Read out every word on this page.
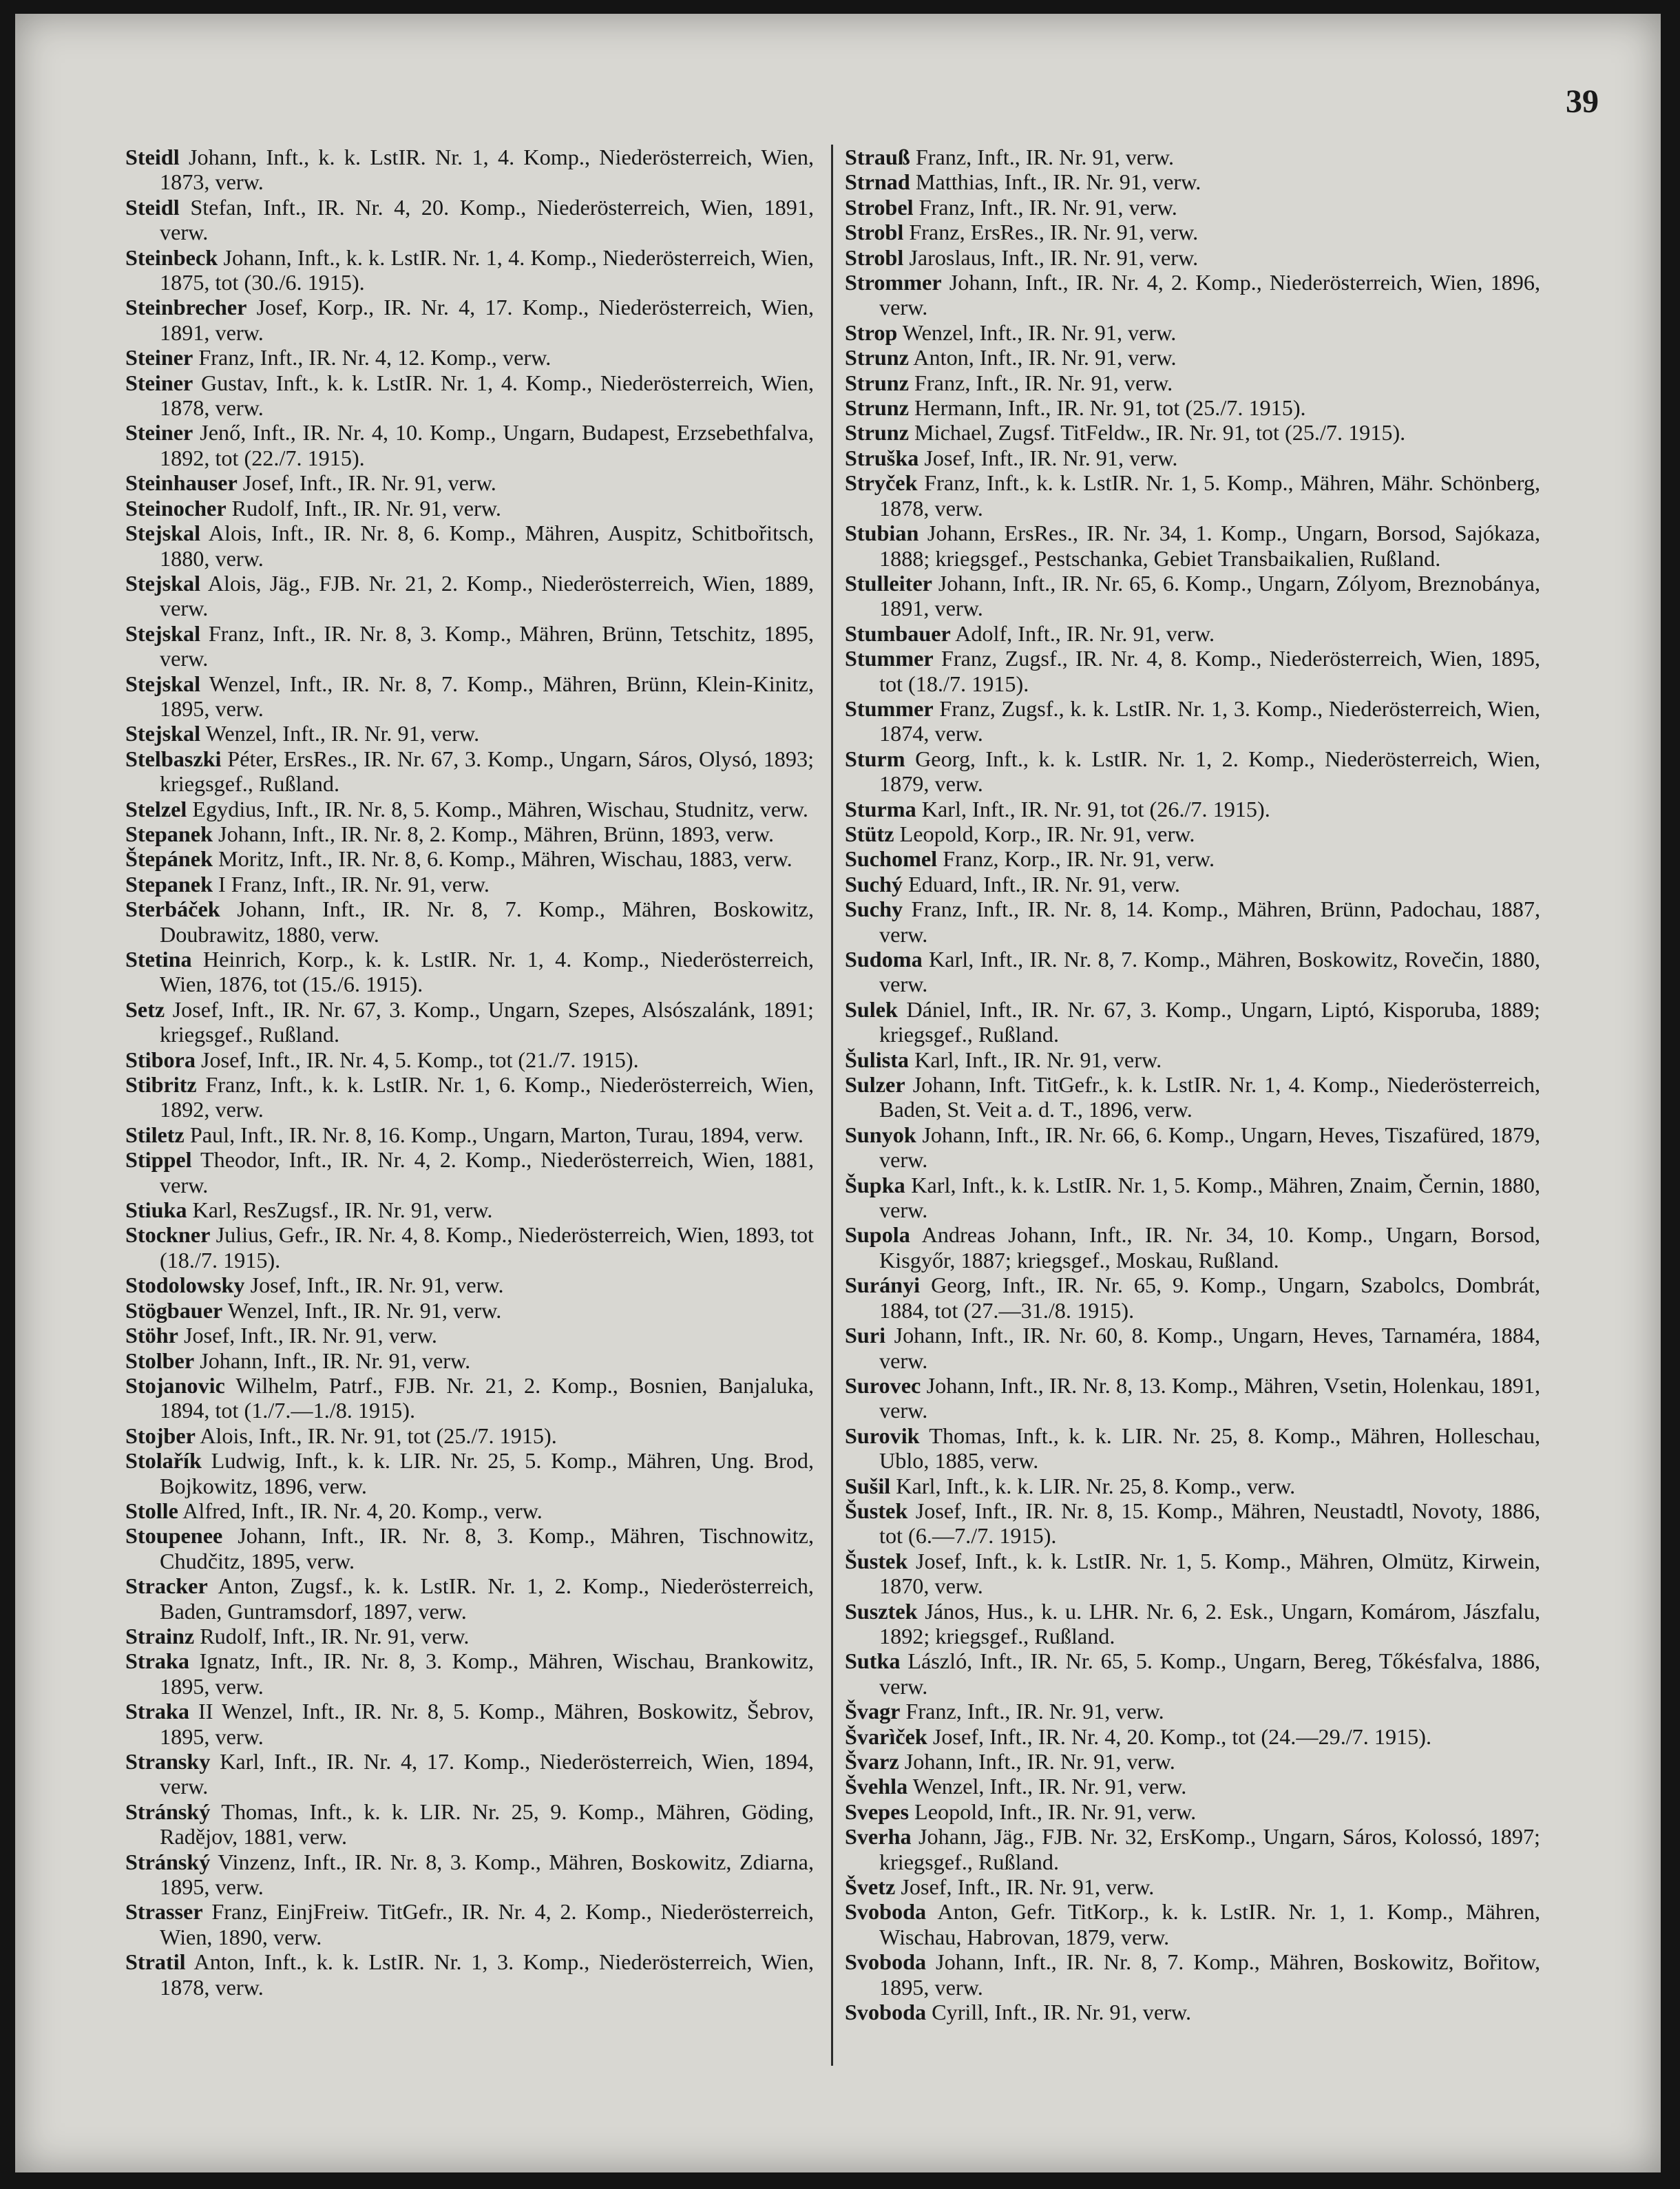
39

Steidl Johann, Inft., k. k. LstIR. Nr. 1, 4. Komp., Niederösterreich, Wien, 1873, verw.

Steidl Stefan, Inft., IR. Nr. 4, 20. Komp., Niederösterreich, Wien, 1891, verw.

Steinbeck Johann, Inft., k. k. LstIR. Nr. 1, 4. Komp., Niederösterreich, Wien, 1875, tot (30./6. 1915).

Steinbrecher Josef, Korp., IR. Nr. 4, 17. Komp., Niederösterreich, Wien, 1891, verw.

Steiner Franz, Inft., IR. Nr. 4, 12. Komp., verw.

Steiner Gustav, Inft., k. k. LstIR. Nr. 1, 4. Komp., Niederösterreich, Wien, 1878, verw.

Steiner Jenő, Inft., IR. Nr. 4, 10. Komp., Ungarn, Budapest, Erzsebethfalva, 1892, tot (22./7. 1915).

Steinhauser Josef, Inft., IR. Nr. 91, verw.

Steinocher Rudolf, Inft., IR. Nr. 91, verw.

Stejskal Alois, Inft., IR. Nr. 8, 6. Komp., Mähren, Auspitz, Schitbořitsch, 1880, verw.

Stejskal Alois, Jäg., FJB. Nr. 21, 2. Komp., Niederösterreich, Wien, 1889, verw.

Stejskal Franz, Inft., IR. Nr. 8, 3. Komp., Mähren, Brünn, Tetschitz, 1895, verw.

Stejskal Wenzel, Inft., IR. Nr. 8, 7. Komp., Mähren, Brünn, Klein-Kinitz, 1895, verw.

Stejskal Wenzel, Inft., IR. Nr. 91, verw.

Stelbaszki Péter, ErsRes., IR. Nr. 67, 3. Komp., Ungarn, Sáros, Olysó, 1893; kriegsgef., Rußland.

Stelzel Egydius, Inft., IR. Nr. 8, 5. Komp., Mähren, Wischau, Studnitz, verw.

Stepanek Johann, Inft., IR. Nr. 8, 2. Komp., Mähren, Brünn, 1893, verw.

Štepánek Moritz, Inft., IR. Nr. 8, 6. Komp., Mähren, Wischau, 1883, verw.

Stepanek I Franz, Inft., IR. Nr. 91, verw.

Sterbáček Johann, Inft., IR. Nr. 8, 7. Komp., Mähren, Boskowitz, Doubrawitz, 1880, verw.

Stetina Heinrich, Korp., k. k. LstIR. Nr. 1, 4. Komp., Niederösterreich, Wien, 1876, tot (15./6. 1915).

Setz Josef, Inft., IR. Nr. 67, 3. Komp., Ungarn, Szepes, Alsószalánk, 1891; kriegsgef., Rußland.

Stibora Josef, Inft., IR. Nr. 4, 5. Komp., tot (21./7. 1915).

Stibritz Franz, Inft., k. k. LstIR. Nr. 1, 6. Komp., Niederösterreich, Wien, 1892, verw.

Stiletz Paul, Inft., IR. Nr. 8, 16. Komp., Ungarn, Marton, Turau, 1894, verw.

Stippel Theodor, Inft., IR. Nr. 4, 2. Komp., Niederösterreich, Wien, 1881, verw.

Stiuka Karl, ResZugsf., IR. Nr. 91, verw.

Stockner Julius, Gefr., IR. Nr. 4, 8. Komp., Niederösterreich, Wien, 1893, tot (18./7. 1915).

Stodolowsky Josef, Inft., IR. Nr. 91, verw.

Stögbauer Wenzel, Inft., IR. Nr. 91, verw.

Stöhr Josef, Inft., IR. Nr. 91, verw.

Stolber Johann, Inft., IR. Nr. 91, verw.

Stojanovic Wilhelm, Patrf., FJB. Nr. 21, 2. Komp., Bosnien, Banjaluka, 1894, tot (1./7.—1./8. 1915).

Stojber Alois, Inft., IR. Nr. 91, tot (25./7. 1915).

Stolařík Ludwig, Inft., k. k. LIR. Nr. 25, 5. Komp., Mähren, Ung. Brod, Bojkowitz, 1896, verw.

Stolle Alfred, Inft., IR. Nr. 4, 20. Komp., verw.

Stoupenee Johann, Inft., IR. Nr. 8, 3. Komp., Mähren, Tischnowitz, Chudčitz, 1895, verw.

Stracker Anton, Zugsf., k. k. LstIR. Nr. 1, 2. Komp., Niederösterreich, Baden, Guntramsdorf, 1897, verw.

Strainz Rudolf, Inft., IR. Nr. 91, verw.

Straka Ignatz, Inft., IR. Nr. 8, 3. Komp., Mähren, Wischau, Brankowitz, 1895, verw.

Straka II Wenzel, Inft., IR. Nr. 8, 5. Komp., Mähren, Boskowitz, Šebrov, 1895, verw.

Stransky Karl, Inft., IR. Nr. 4, 17. Komp., Niederösterreich, Wien, 1894, verw.

Stránský Thomas, Inft., k. k. LIR. Nr. 25, 9. Komp., Mähren, Göding, Radějov, 1881, verw.

Stránský Vinzenz, Inft., IR. Nr. 8, 3. Komp., Mähren, Boskowitz, Zdiarna, 1895, verw.

Strasser Franz, EinjFreiw. TitGefr., IR. Nr. 4, 2. Komp., Niederösterreich, Wien, 1890, verw.

Stratil Anton, Inft., k. k. LstIR. Nr. 1, 3. Komp., Niederösterreich, Wien, 1878, verw.

Strauß Franz, Inft., IR. Nr. 91, verw.

Strnad Matthias, Inft., IR. Nr. 91, verw.

Strobel Franz, Inft., IR. Nr. 91, verw.

Strobl Franz, ErsRes., IR. Nr. 91, verw.

Strobl Jaroslaus, Inft., IR. Nr. 91, verw.

Strommer Johann, Inft., IR. Nr. 4, 2. Komp., Niederösterreich, Wien, 1896, verw.

Strop Wenzel, Inft., IR. Nr. 91, verw.

Strunz Anton, Inft., IR. Nr. 91, verw.

Strunz Franz, Inft., IR. Nr. 91, verw.

Strunz Hermann, Inft., IR. Nr. 91, tot (25./7. 1915).

Strunz Michael, Zugsf. TitFeldw., IR. Nr. 91, tot (25./7. 1915).

Struška Josef, Inft., IR. Nr. 91, verw.

Stryček Franz, Inft., k. k. LstIR. Nr. 1, 5. Komp., Mähren, Mähr. Schönberg, 1878, verw.

Stubian Johann, ErsRes., IR. Nr. 34, 1. Komp., Ungarn, Borsod, Sajókaza, 1888; kriegsgef., Pestschanka, Gebiet Transbaikalien, Rußland.

Stulleiter Johann, Inft., IR. Nr. 65, 6. Komp., Ungarn, Zólyom, Breznobánya, 1891, verw.

Stumbauer Adolf, Inft., IR. Nr. 91, verw.

Stummer Franz, Zugsf., IR. Nr. 4, 8. Komp., Niederösterreich, Wien, 1895, tot (18./7. 1915).

Stummer Franz, Zugsf., k. k. LstIR. Nr. 1, 3. Komp., Niederösterreich, Wien, 1874, verw.

Sturm Georg, Inft., k. k. LstIR. Nr. 1, 2. Komp., Niederösterreich, Wien, 1879, verw.

Sturma Karl, Inft., IR. Nr. 91, tot (26./7. 1915).

Stütz Leopold, Korp., IR. Nr. 91, verw.

Suchomel Franz, Korp., IR. Nr. 91, verw.

Suchý Eduard, Inft., IR. Nr. 91, verw.

Suchy Franz, Inft., IR. Nr. 8, 14. Komp., Mähren, Brünn, Padochau, 1887, verw.

Sudoma Karl, Inft., IR. Nr. 8, 7. Komp., Mähren, Boskowitz, Rovečin, 1880, verw.

Sulek Dániel, Inft., IR. Nr. 67, 3. Komp., Ungarn, Liptó, Kisporuba, 1889; kriegsgef., Rußland.

Šulista Karl, Inft., IR. Nr. 91, verw.

Sulzer Johann, Inft. TitGefr., k. k. LstIR. Nr. 1, 4. Komp., Niederösterreich, Baden, St. Veit a. d. T., 1896, verw.

Sunyok Johann, Inft., IR. Nr. 66, 6. Komp., Ungarn, Heves, Tiszafüred, 1879, verw.

Šupka Karl, Inft., k. k. LstIR. Nr. 1, 5. Komp., Mähren, Znaim, Černin, 1880, verw.

Supola Andreas Johann, Inft., IR. Nr. 34, 10. Komp., Ungarn, Borsod, Kisgyőr, 1887; kriegsgef., Moskau, Rußland.

Surányi Georg, Inft., IR. Nr. 65, 9. Komp., Ungarn, Szabolcs, Dombrát, 1884, tot (27.—31./8. 1915).

Suri Johann, Inft., IR. Nr. 60, 8. Komp., Ungarn, Heves, Tarnaméra, 1884, verw.

Surovec Johann, Inft., IR. Nr. 8, 13. Komp., Mähren, Vsetin, Holenkau, 1891, verw.

Surovik Thomas, Inft., k. k. LIR. Nr. 25, 8. Komp., Mähren, Holleschau, Ublo, 1885, verw.

Sušil Karl, Inft., k. k. LIR. Nr. 25, 8. Komp., verw.

Šustek Josef, Inft., IR. Nr. 8, 15. Komp., Mähren, Neustadtl, Novoty, 1886, tot (6.—7./7. 1915).

Šustek Josef, Inft., k. k. LstIR. Nr. 1, 5. Komp., Mähren, Olmütz, Kirwein, 1870, verw.

Susztek János, Hus., k. u. LHR. Nr. 6, 2. Esk., Ungarn, Komárom, Jászfalu, 1892; kriegsgef., Rußland.

Sutka László, Inft., IR. Nr. 65, 5. Komp., Ungarn, Bereg, Tőkésfalva, 1886, verw.

Švagr Franz, Inft., IR. Nr. 91, verw.

Švarìček Josef, Inft., IR. Nr. 4, 20. Komp., tot (24.—29./7. 1915).

Švarz Johann, Inft., IR. Nr. 91, verw.

Švehla Wenzel, Inft., IR. Nr. 91, verw.

Svepes Leopold, Inft., IR. Nr. 91, verw.

Sverha Johann, Jäg., FJB. Nr. 32, ErsKomp., Ungarn, Sáros, Kolossó, 1897; kriegsgef., Rußland.

Švetz Josef, Inft., IR. Nr. 91, verw.

Svoboda Anton, Gefr. TitKorp., k. k. LstIR. Nr. 1, 1. Komp., Mähren, Wischau, Habrovan, 1879, verw.

Svoboda Johann, Inft., IR. Nr. 8, 7. Komp., Mähren, Boskowitz, Bořitow, 1895, verw.

Svoboda Cyrill, Inft., IR. Nr. 91, verw.
